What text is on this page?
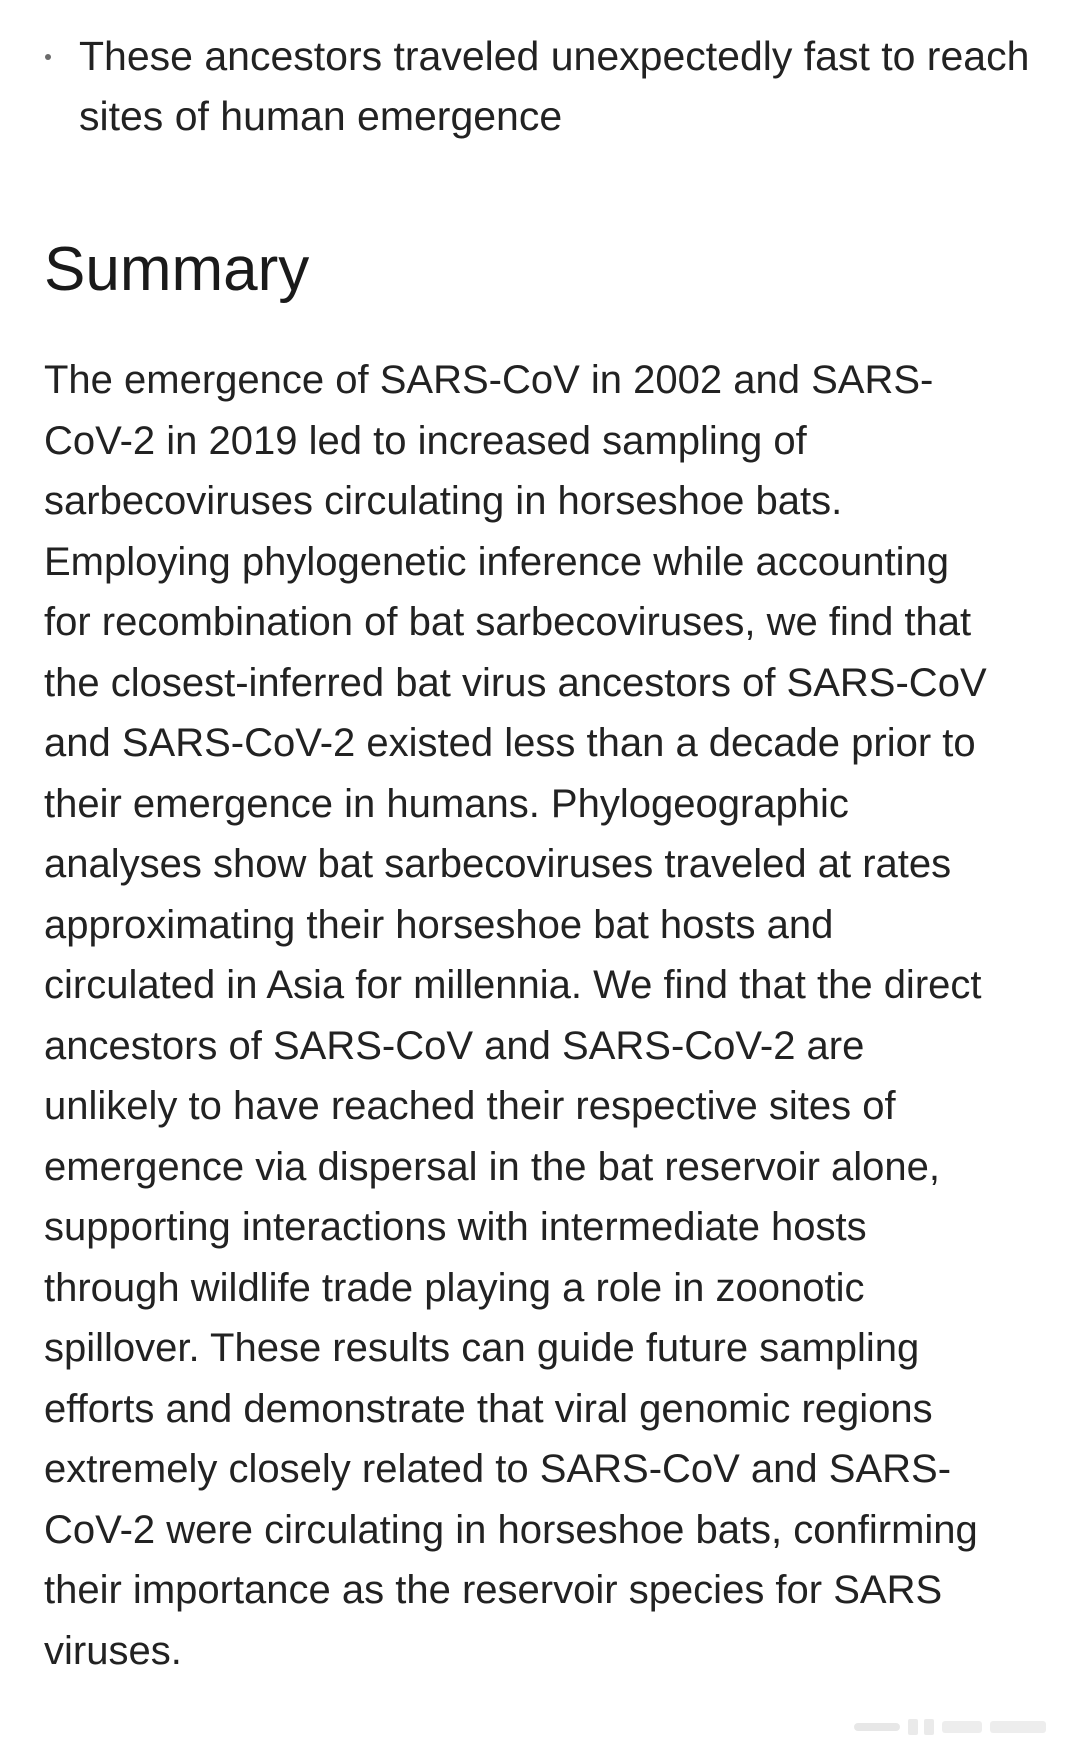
These ancestors traveled unexpectedly fast to reach sites of human emergence
Summary

The emergence of SARS-CoV in 2002 and SARS-
CoV-2 in 2019 led to increased sampling of
sarbecoviruses circulating in horseshoe bats.
Employing phylogenetic inference while accounting
for recombination of bat sarbecoviruses, we find that
the closest-inferred bat virus ancestors of SARS-CoV
and SARS-CoV-2 existed less than a decade prior to
their emergence in humans. Phylogeographic
analyses show bat sarbecoviruses traveled at rates
approximating their horseshoe bat hosts and
circulated in Asia for millennia. We find that the direct
ancestors of SARS-CoV and SARS-CoV-2 are
unlikely to have reached their respective sites of
emergence via dispersal in the bat reservoir alone,
supporting interactions with intermediate hosts
through wildlife trade playing a role in zoonotic
spillover. These results can guide future sampling
efforts and demonstrate that viral genomic regions
extremely closely related to SARS-CoV and SARS-
CoV-2 were circulating in horseshoe bats, confirming
their importance as the reservoir species for SARS
viruses.
